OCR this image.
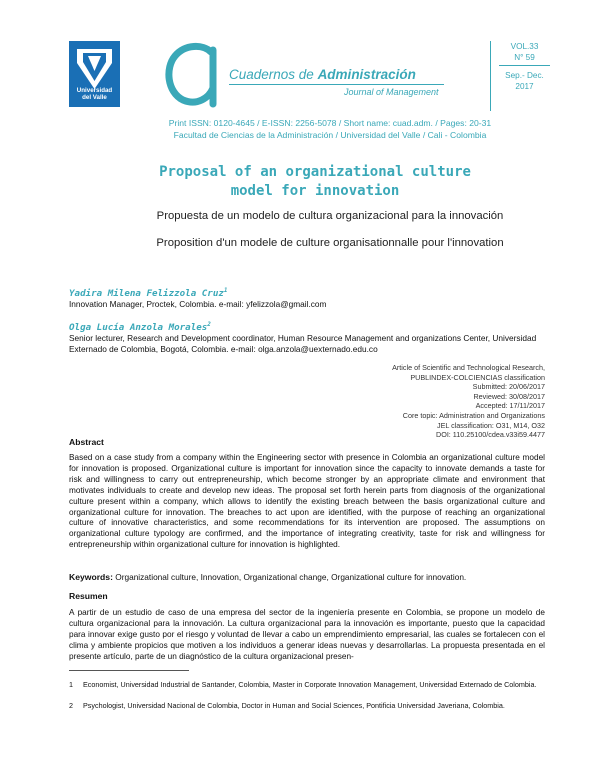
Universidad
del Valle
Cuadernos de Administración
Journal of Management
VOL.33
N° 59
Sep.- Dec.
2017
Print ISSN: 0120-4645 / E-ISSN: 2256-5078 / Short name: cuad.adm. / Pages: 20-31
Facultad de Ciencias de la Administración / Universidad del Valle / Cali - Colombia
Proposal of an organizational culture
model for innovation
Propuesta de un modelo de cultura organizacional para la innovación
Proposition d'un modele de culture organisationnalle pour l'innovation
Yadira Milena Felizzola Cruz$^1$
Innovation Manager, Proctek, Colombia. e-mail: yfelizzola@gmail.com
Olga Lucía Anzola Morales$^2$
Senior lecturer, Research and Development coordinator, Human Resource Management and organizations Center, Universidad Externado de Colombia, Bogotá, Colombia. e-mail: olga.anzola@uexternado.edu.co
Article of Scientific and Technological Research,
PUBLINDEX-COLCIENCIAS classification
Submitted: 20/06/2017
Reviewed: 30/08/2017
Accepted: 17/11/2017
Core topic: Administration and Organizations
JEL classification: O31, M14, O32
DOI: 110.25100/cdea.v33i59.4477
Abstract
Based on a case study from a company within the Engineering sector with presence in Colombia an organizational culture model for innovation is proposed. Organizational culture is important for innovation since the capacity to innovate demands a taste for risk and willingness to carry out entrepreneurship, which become stronger by an appropriate climate and environment that motivates individuals to create and develop new ideas. The proposal set forth herein parts from diagnosis of the organizational culture present within a company, which allows to identify the existing breach between the basis organizational culture and organizational culture for innovation. The breaches to act upon are identified, with the purpose of reaching an organizational culture of innovative characteristics, and some recommendations for its intervention are proposed. The assumptions on organizational culture typology are confirmed, and the importance of integrating creativity, taste for risk and willingness for entrepreneurship within organizational culture for innovation is highlighted.
Keywords: Organizational culture, Innovation, Organizational change, Organizational culture for innovation.
Resumen
A partir de un estudio de caso de una empresa del sector de la ingeniería presente en Colombia, se propone un modelo de cultura organizacional para la innovación. La cultura organizacional para la innovación es importante, puesto que la capacidad para innovar exige gusto por el riesgo y voluntad de llevar a cabo un emprendimiento empresarial, las cuales se fortalecen con el clima y ambiente propicios que motiven a los individuos a generar ideas nuevas y desarrollarlas. La propuesta presentada en el presente artículo, parte de un diagnóstico de la cultura organizacional presen-
1 Economist, Universidad Industrial de Santander, Colombia, Master in Corporate Innovation Management, Universidad Externado de Colombia.
2 Psychologist, Universidad Nacional de Colombia, Doctor in Human and Social Sciences, Pontificia Universidad Javeriana, Colombia.
